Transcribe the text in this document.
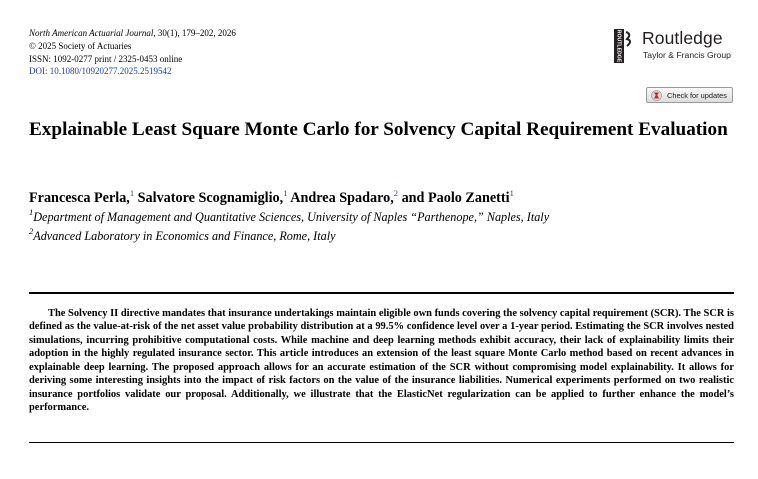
North American Actuarial Journal, 30(1), 179–202, 2026
© 2025 Society of Actuaries
ISSN: 1092-0277 print / 2325-0453 online
DOI: 10.1080/10920277.2025.2519542
ROUTLEDGE Routledge
Taylor & Francis Group
Check for updates
Explainable Least Square Monte Carlo for Solvency Capital Requirement Evaluation
Francesca Perla,$^1$ Salvatore Scognamiglio,$^1$ Andrea Spadaro,$^2$ and Paolo Zanetti$^1$
$^1$Department of Management and Quantitative Sciences, University of Naples “Parthenope,” Naples, Italy
$^2$Advanced Laboratory in Economics and Finance, Rome, Italy

The Solvency II directive mandates that insurance undertakings maintain eligible own funds covering the solvency capital requirement (SCR). The SCR is defined as the value-at-risk of the net asset value probability distribution at a 99.5% confidence level over a 1-year period. Estimating the SCR involves nested simulations, incurring prohibitive computational costs. While machine and deep learning methods exhibit accuracy, their lack of explainability limits their adoption in the highly regulated insurance sector. This article introduces an extension of the least square Monte Carlo method based on recent advances in explainable deep learning. The proposed approach allows for an accurate estimation of the SCR without compromising model explainability. It allows for deriving some interesting insights into the impact of risk factors on the value of the insurance liabilities. Numerical experiments performed on two realistic insurance portfolios validate our proposal. Additionally, we illustrate that the ElasticNet regularization can be applied to further enhance the model’s performance.
